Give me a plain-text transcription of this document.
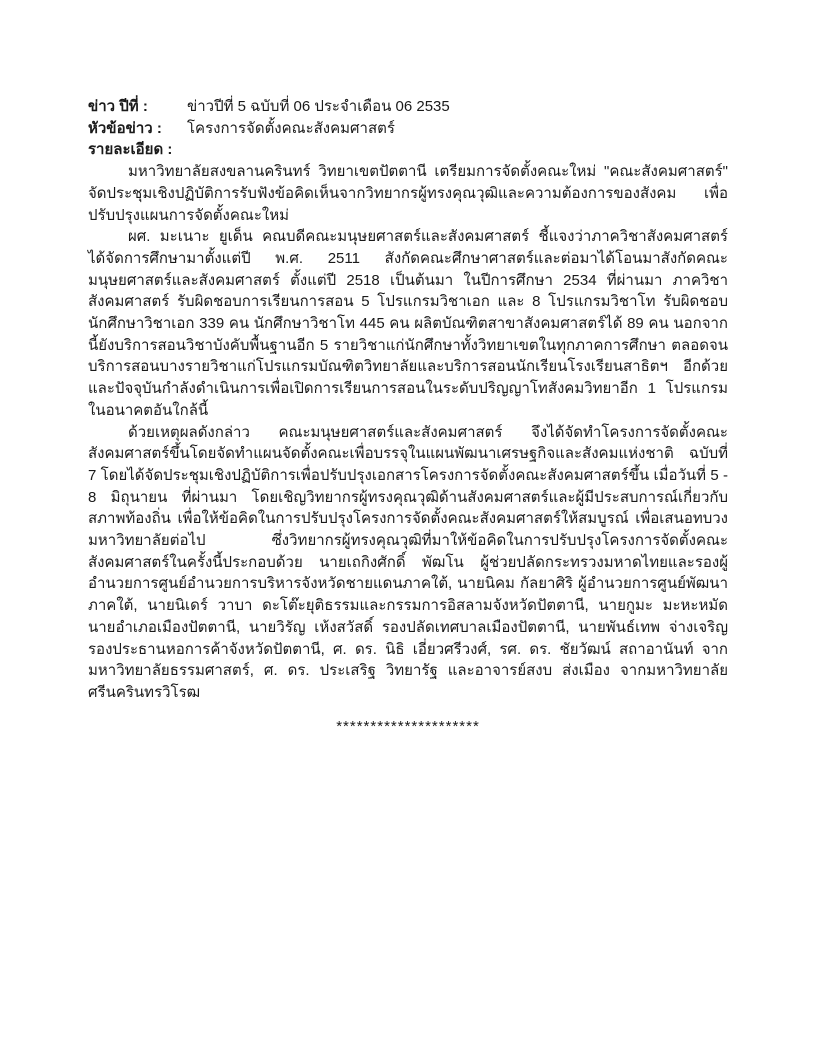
ข่าว ปีที่ :	ข่าวปีที่ 5 ฉบับที่ 06 ประจำเดือน 06 2535
หัวข้อข่าว :	โครงการจัดตั้งคณะสังคมศาสตร์
รายละเอียด :

มหาวิทยาลัยสงขลานครินทร์ วิทยาเขตปัตตานี เตรียมการจัดตั้งคณะใหม่ "คณะสังคมศาสตร์" จัดประชุมเชิงปฏิบัติการรับฟังข้อคิดเห็นจากวิทยากรผู้ทรงคุณวุฒิและความต้องการของสังคม เพื่อปรับปรุงแผนการจัดตั้งคณะใหม่

ผศ. มะเนาะ ยูเด็น คณบดีคณะมนุษยศาสตร์และสังคมศาสตร์ ชี้แจงว่าภาควิชาสังคมศาสตร์ ได้จัดการศึกษามาตั้งแต่ปี พ.ศ. 2511 สังกัดคณะศึกษาศาสตร์และต่อมาได้โอนมาสังกัดคณะมนุษยศาสตร์และสังคมศาสตร์ ตั้งแต่ปี 2518 เป็นต้นมา ในปีการศึกษา 2534 ที่ผ่านมา ภาควิชาสังคมศาสตร์ รับผิดชอบการเรียนการสอน 5 โปรแกรมวิชาเอก และ 8 โปรแกรมวิชาโท รับผิดชอบนักศึกษาวิชาเอก 339 คน นักศึกษาวิชาโท 445 คน ผลิตบัณฑิตสาขาสังคมศาสตร์ได้ 89 คน นอกจากนี้ยังบริการสอนวิชาบังคับพื้นฐานอีก 5 รายวิชาแก่นักศึกษาทั้งวิทยาเขตในทุกภาคการศึกษา ตลอดจนบริการสอนบางรายวิชาแก่โปรแกรมบัณฑิตวิทยาลัยและบริการสอนนักเรียนโรงเรียนสาธิตฯ อีกด้วย และปัจจุบันกำลังดำเนินการเพื่อเปิดการเรียนการสอนในระดับปริญญาโทสังคมวิทยาอีก 1 โปรแกรม ในอนาคตอันใกล้นี้

ด้วยเหตุผลดังกล่าว คณะมนุษยศาสตร์และสังคมศาสตร์ จึงได้จัดทำโครงการจัดตั้งคณะสังคมศาสตร์ขึ้นโดยจัดทำแผนจัดตั้งคณะเพื่อบรรจุในแผนพัฒนาเศรษฐกิจและสังคมแห่งชาติ ฉบับที่ 7 โดยได้จัดประชุมเชิงปฏิบัติการเพื่อปรับปรุงเอกสารโครงการจัดตั้งคณะสังคมศาสตร์ขึ้น เมื่อวันที่ 5 - 8 มิถุนายน ที่ผ่านมา โดยเชิญวิทยากรผู้ทรงคุณวุฒิด้านสังคมศาสตร์และผู้มีประสบการณ์เกี่ยวกับสภาพท้องถิ่น เพื่อให้ข้อคิดในการปรับปรุงโครงการจัดตั้งคณะสังคมศาสตร์ให้สมบูรณ์ เพื่อเสนอทบวงมหาวิทยาลัยต่อไป ซึ่งวิทยากรผู้ทรงคุณวุฒิที่มาให้ข้อคิดในการปรับปรุงโครงการจัดตั้งคณะสังคมศาสตร์ในครั้งนี้ประกอบด้วย นายเถกิงศักดิ์ พัฒโน ผู้ช่วยปลัดกระทรวงมหาดไทยและรองผู้อำนวยการศูนย์อำนวยการบริหารจังหวัดชายแดนภาคใต้, นายนิคม กัลยาศิริ ผู้อำนวยการศูนย์พัฒนาภาคใต้, นายนิเดร์ วาบา ดะโต๊ะยุติธรรมและกรรมการอิสลามจังหวัดปัตตานี, นายกูมะ มะหะหมัด นายอำเภอเมืองปัตตานี, นายวิรัญ เห้งสวัสดิ์ รองปลัดเทศบาลเมืองปัตตานี, นายพันธ์เทพ จ่างเจริญรองประธานหอการค้าจังหวัดปัตตานี, ศ. ดร. นิธิ เอี่ยวศรีวงศ์, รศ. ดร. ชัยวัฒน์ สถาอานันท์ จากมหาวิทยาลัยธรรมศาสตร์, ศ. ดร. ประเสริฐ วิทยารัฐ และอาจารย์สงบ ส่งเมือง จากมหาวิทยาลัยศรีนครินทรวิโรฒ

*********************
